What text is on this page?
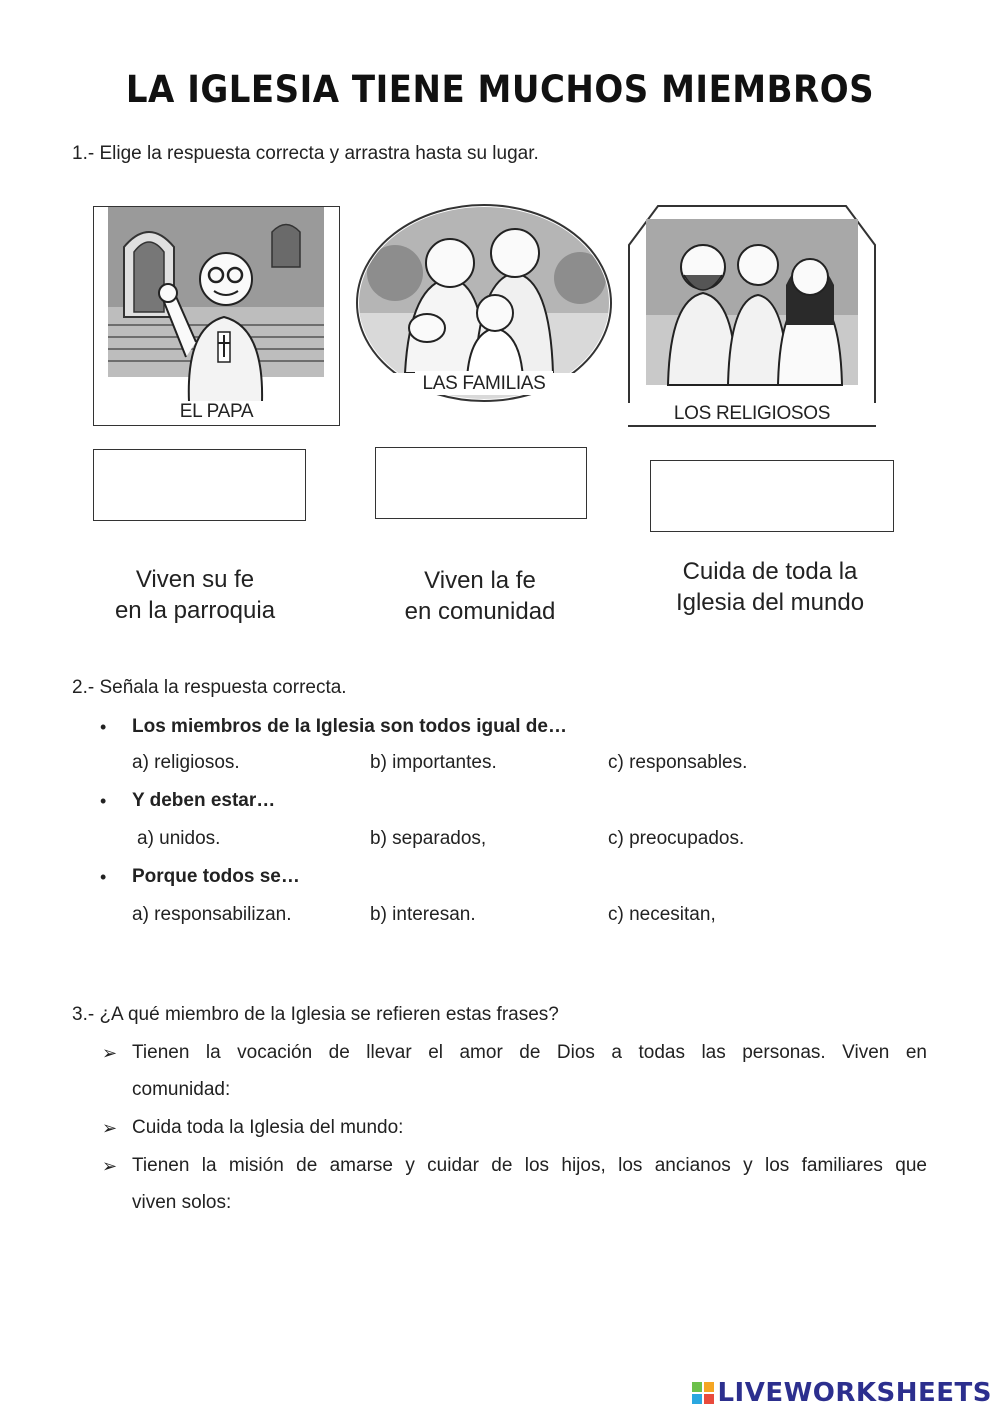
LA IGLESIA TIENE MUCHOS MIEMBROS
1.- Elige la respuesta correcta y arrastra hasta su lugar.
EL PAPA
LAS FAMILIAS
LOS RELIGIOSOS
Viven su fe
en la parroquia
Viven la fe
en comunidad
Cuida de toda la
Iglesia del mundo
2.- Señala la respuesta correcta.
• Los miembros de la Iglesia son todos igual de…
a) religiosos.	b) importantes.	c) responsables.
• Y deben estar…
a) unidos.	b) separados,	c) preocupados.
• Porque todos se…
a) responsabilizan.	b) interesan.	c) necesitan,
3.- ¿A qué miembro de la Iglesia se refieren estas frases?
➢ Tienen la vocación de llevar el amor de Dios a todas las personas. Viven en
comunidad:
➢ Cuida toda la Iglesia del mundo:
➢ Tienen la misión de amarse y cuidar de los hijos, los ancianos y los familiares que
viven solos:
LIVEWORKSHEETS
